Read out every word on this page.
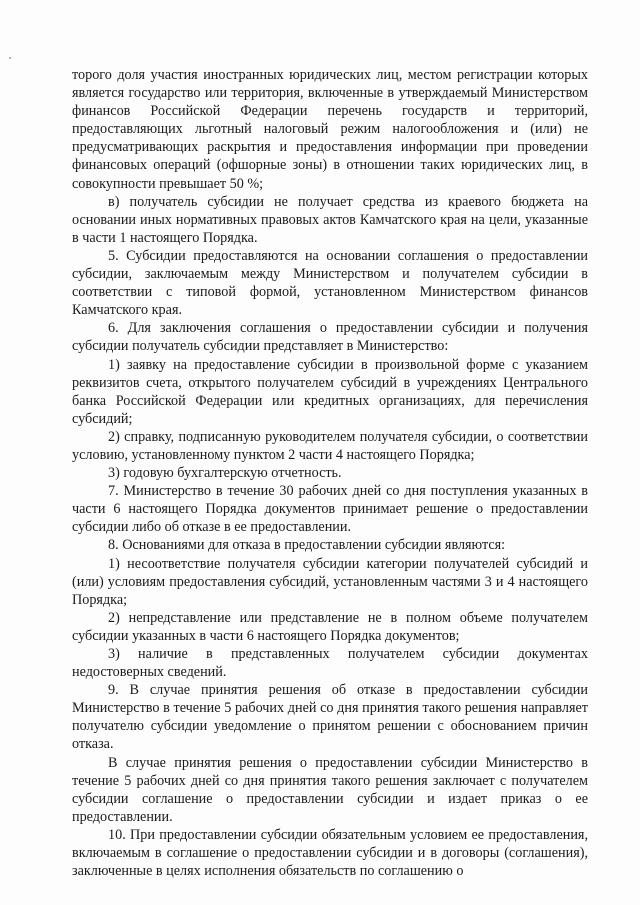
торого доля участия иностранных юридических лиц, местом регистрации которых является государство или территория, включенные в утверждаемый Министерством финансов Российской Федерации перечень государств и территорий, предоставляющих льготный налоговый режим налогообложения и (или) не предусматривающих раскрытия и предоставления информации при проведении финансовых операций (офшорные зоны) в отношении таких юридических лиц, в совокупности превышает 50 %;

в) получатель субсидии не получает средства из краевого бюджета на основании иных нормативных правовых актов Камчатского края на цели, указанные в части 1 настоящего Порядка.

5. Субсидии предоставляются на основании соглашения о предоставлении субсидии, заключаемым между Министерством и получателем субсидии в соответствии с типовой формой, установленном Министерством финансов Камчатского края.

6. Для заключения соглашения о предоставлении субсидии и получения субсидии получатель субсидии представляет в Министерство:

1) заявку на предоставление субсидии в произвольной форме с указанием реквизитов счета, открытого получателем субсидий в учреждениях Центрального банка Российской Федерации или кредитных организациях, для перечисления субсидий;

2) справку, подписанную руководителем получателя субсидии, о соответствии условию, установленному пунктом 2 части 4 настоящего Порядка;

3) годовую бухгалтерскую отчетность.

7. Министерство в течение 30 рабочих дней со дня поступления указанных в части 6 настоящего Порядка документов принимает решение о предоставлении субсидии либо об отказе в ее предоставлении.

8. Основаниями для отказа в предоставлении субсидии являются:

1) несоответствие получателя субсидии категории получателей субсидий и (или) условиям предоставления субсидий, установленным частями 3 и 4 настоящего Порядка;

2) непредставление или представление не в полном объеме получателем субсидии указанных в части 6 настоящего Порядка документов;

3) наличие в представленных получателем субсидии документах недостоверных сведений.

9. В случае принятия решения об отказе в предоставлении субсидии Министерство в течение 5 рабочих дней со дня принятия такого решения направляет получателю субсидии уведомление о принятом решении с обоснованием причин отказа.

В случае принятия решения о предоставлении субсидии Министерство в течение 5 рабочих дней со дня принятия такого решения заключает с получателем субсидии соглашение о предоставлении субсидии и издает приказ о ее предоставлении.

10. При предоставлении субсидии обязательным условием ее предоставления, включаемым в соглашение о предоставлении субсидии и в договоры (соглашения), заключенные в целях исполнения обязательств по соглашению о
